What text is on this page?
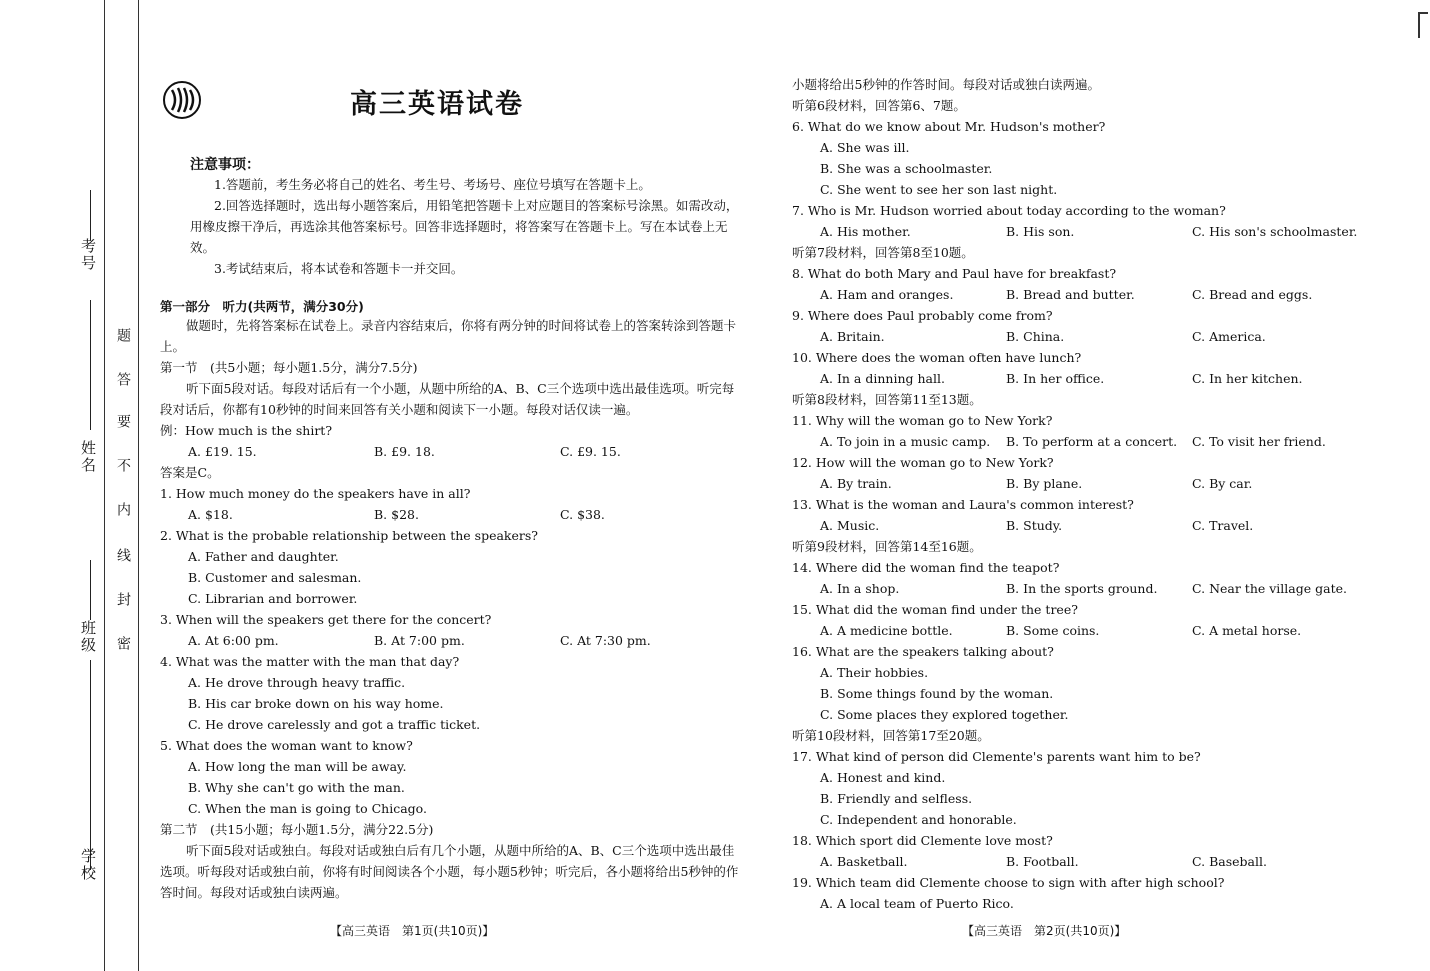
考号
姓名
班级
学校
题
答
要
不
内
线
封
密
高三英语试卷
注意事项：
1.答题前，考生务必将自己的姓名、考生号、考场号、座位号填写在答题卡上。
2.回答选择题时，选出每小题答案后，用铅笔把答题卡上对应题目的答案标号涂黑。如需改动，用橡皮擦干净后，再选涂其他答案标号。回答非选择题时，将答案写在答题卡上。写在本试卷上无效。
3.考试结束后，将本试卷和答题卡一并交回。
第一部分　听力(共两节，满分30分)
做题时，先将答案标在试卷上。录音内容结束后，你将有两分钟的时间将试卷上的答案转涂到答题卡上。
第一节　(共5小题；每小题1.5分，满分7.5分)
听下面5段对话。每段对话后有一个小题，从题中所给的A、B、C三个选项中选出最佳选项。听完每段对话后，你都有10秒钟的时间来回答有关小题和阅读下一小题。每段对话仅读一遍。
例：How much is the shirt?
A. £19. 15.	B. £9. 18.	C. £9. 15.
答案是C。
1. How much money do the speakers have in all?
A. $18.	B. $28.	C. $38.
2. What is the probable relationship between the speakers?
A. Father and daughter.
B. Customer and salesman.
C. Librarian and borrower.
3. When will the speakers get there for the concert?
A. At 6:00 pm.	B. At 7:00 pm.	C. At 7:30 pm.
4. What was the matter with the man that day?
A. He drove through heavy traffic.
B. His car broke down on his way home.
C. He drove carelessly and got a traffic ticket.
5. What does the woman want to know?
A. How long the man will be away.
B. Why she can't go with the man.
C. When the man is going to Chicago.
第二节　(共15小题；每小题1.5分，满分22.5分)
听下面5段对话或独白。每段对话或独白后有几个小题，从题中所给的A、B、C三个选项中选出最佳选项。听每段对话或独白前，你将有时间阅读各个小题，每小题5秒钟；听完后，各小题将给出5秒钟的作答时间。每段对话或独白读两遍。
小题将给出5秒钟的作答时间。每段对话或独白读两遍。
听第6段材料，回答第6、7题。
6. What do we know about Mr. Hudson's mother?
A. She was ill.
B. She was a schoolmaster.
C. She went to see her son last night.
7. Who is Mr. Hudson worried about today according to the woman?
A. His mother.	B. His son.	C. His son's schoolmaster.
听第7段材料，回答第8至10题。
8. What do both Mary and Paul have for breakfast?
A. Ham and oranges.	B. Bread and butter.	C. Bread and eggs.
9. Where does Paul probably come from?
A. Britain.	B. China.	C. America.
10. Where does the woman often have lunch?
A. In a dinning hall.	B. In her office.	C. In her kitchen.
听第8段材料，回答第11至13题。
11. Why will the woman go to New York?
A. To join in a music camp.	B. To perform at a concert.	C. To visit her friend.
12. How will the woman go to New York?
A. By train.	B. By plane.	C. By car.
13. What is the woman and Laura's common interest?
A. Music.	B. Study.	C. Travel.
听第9段材料，回答第14至16题。
14. Where did the woman find the teapot?
A. In a shop.	B. In the sports ground.	C. Near the village gate.
15. What did the woman find under the tree?
A. A medicine bottle.	B. Some coins.	C. A metal horse.
16. What are the speakers talking about?
A. Their hobbies.
B. Some things found by the woman.
C. Some places they explored together.
听第10段材料，回答第17至20题。
17. What kind of person did Clemente's parents want him to be?
A. Honest and kind.
B. Friendly and selfless.
C. Independent and honorable.
18. Which sport did Clemente love most?
A. Basketball.	B. Football.	C. Baseball.
19. Which team did Clemente choose to sign with after high school?
A. A local team of Puerto Rico.
【高三英语　第1页(共10页)】	【高三英语　第2页(共10页)】
